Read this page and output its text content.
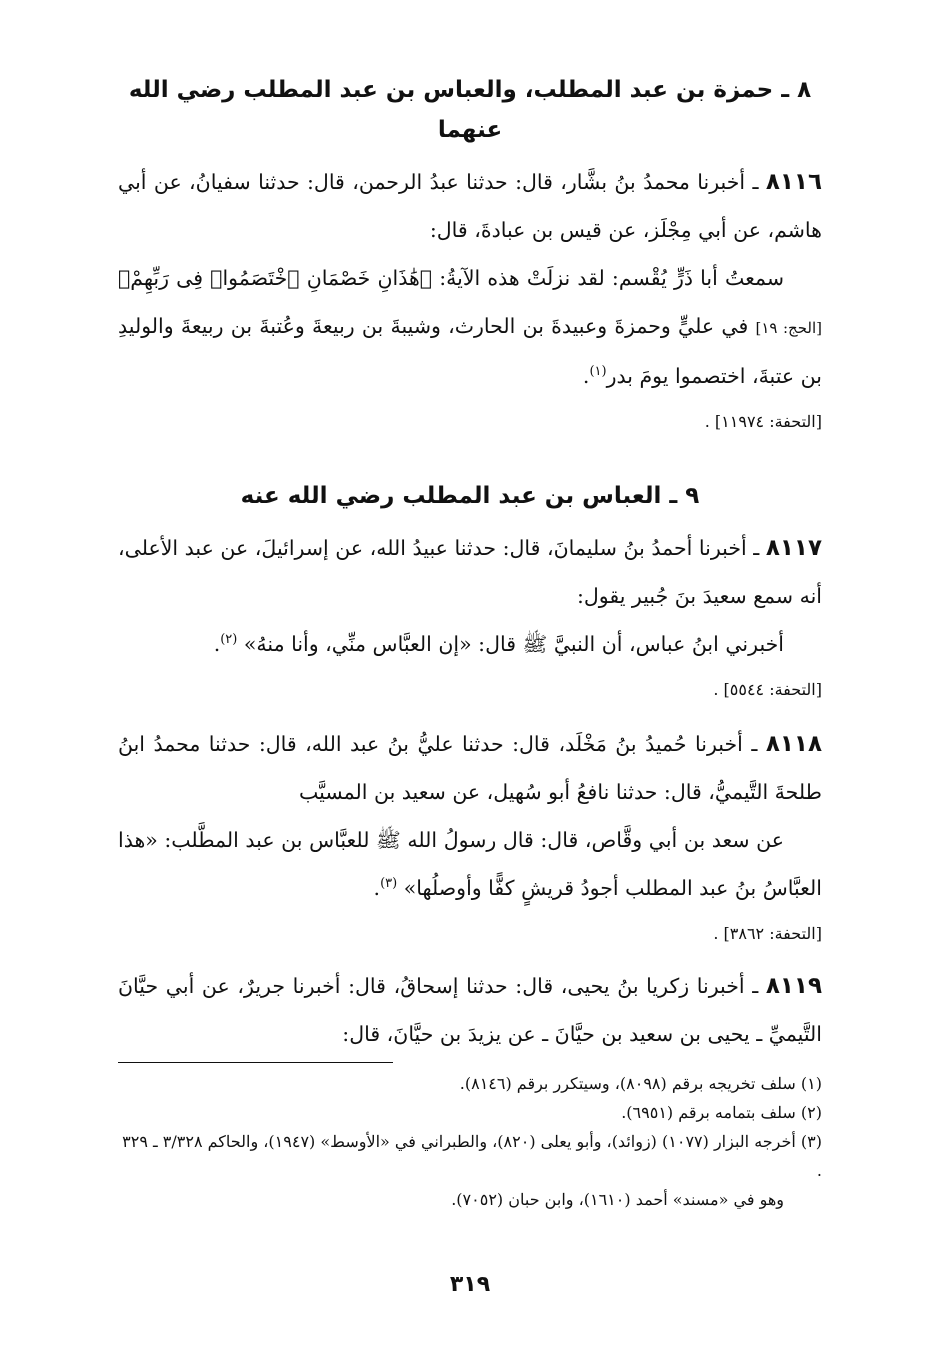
٨ ـ حمزة بن عبد المطلب، والعباس بن عبد المطلب رضي الله عنهما

٨١١٦ ـ أخبرنا محمدُ بنُ بشَّار، قال: حدثنا عبدُ الرحمن، قال: حدثنا سفيانُ، عن أبي هاشم، عن أبي مِجْلَز، عن قيس بن عبادةَ، قال:

سمعتُ أبا ذَرٍّ يُقْسم: لقد نزلَتْ هذه الآيةُ: ﴿هَٰذَانِ خَصْمَانِ ٱخْتَصَمُوا۟ فِى رَبِّهِمْ﴾ [الحج: ١٩] في عليٍّ وحمزةَ وعبيدةَ بن الحارث، وشيبةَ بن ربيعةَ وعُتبةَ بن ربيعةَ والوليدِ بن عتبةَ، اختصموا يومَ بدر$^{(١)}$.

[التحفة: ١١٩٧٤] .

٩ ـ العباس بن عبد المطلب رضي الله عنه

٨١١٧ ـ أخبرنا أحمدُ بنُ سليمانَ، قال: حدثنا عبيدُ الله، عن إسرائيلَ، عن عبد الأعلى، أنه سمع سعيدَ بنَ جُبير يقول:

أخبرني ابنُ عباس، أن النبيَّ ﷺ قال: «إن العبَّاس منِّي، وأنا منهُ» $^{(٢)}$.

[التحفة: ٥٥٤٤] .

٨١١٨ ـ أخبرنا حُميدُ بنُ مَخْلَد، قال: حدثنا عليُّ بنُ عبد الله، قال: حدثنا محمدُ ابنُ طلحةَ التَّيميُّ، قال: حدثنا نافعُ أبو سُهيل، عن سعيد بن المسيَّب

عن سعد بن أبي وقَّاص، قال: قال رسولُ الله ﷺ للعبَّاس بن عبد المطَّلب: «هذا العبَّاسُ بنُ عبد المطلب أجودُ قريشٍ كفًّا وأوصلُها» $^{(٣)}$.

[التحفة: ٣٨٦٢] .

٨١١٩ ـ أخبرنا زكريا بنُ يحيى، قال: حدثنا إسحاقُ، قال: أخبرنا جريرٌ، عن أبي حيَّانَ التَّيميِّ ـ يحيى بن سعيد بن حيَّانَ ـ عن يزيدَ بن حيَّانَ، قال:

(١) سلف تخريجه برقم (٨٠٩٨)، وسيتكرر برقم (٨١٤٦).

(٢) سلف بتمامه برقم (٦٩٥١).

(٣) أخرجه البزار (١٠٧٧) (زوائد)، وأبو يعلى (٨٢٠)، والطبراني في «الأوسط» (١٩٤٧)، والحاكم ٣/٣٢٨ ـ ٣٢٩ .

وهو في «مسند» أحمد (١٦١٠)، وابن حبان (٧٠٥٢).

٣١٩
